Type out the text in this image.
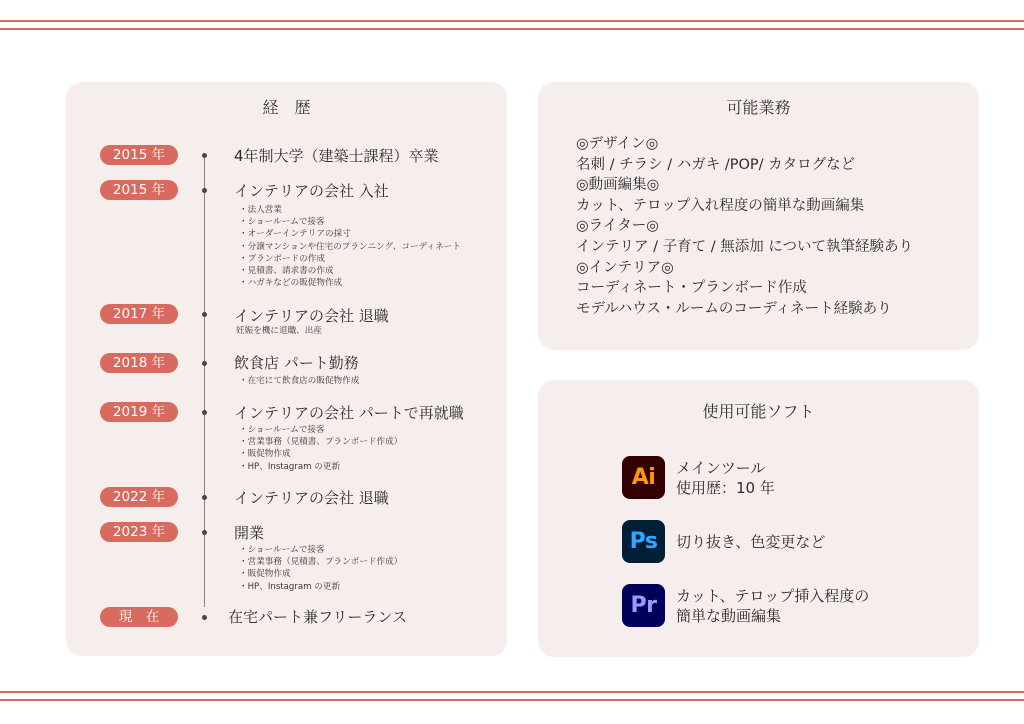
経　歴
2015 年	4年制大学（建築士課程）卒業
2015 年	インテリアの会社 入社
・法人営業
・ショールームで接客
・オーダーインテリアの採寸
・分譲マンションや住宅のプランニング、コーディネート
・プランボードの作成
・見積書、請求書の作成
・ハガキなどの販促物作成
2017 年	インテリアの会社 退職
妊娠を機に退職、出産
2018 年	飲食店 パート勤務
・在宅にて飲食店の販促物作成
2019 年	インテリアの会社 パートで再就職
・ショールームで接客
・営業事務（見積書、プランボード作成）
・販促物作成
・HP、Instagram の更新
2022 年	インテリアの会社 退職
2023 年	開業
・ショールームで接客
・営業事務（見積書、プランボード作成）
・販促物作成
・HP、Instagram の更新
現　在	在宅パート兼フリーランス
可能業務
◎デザイン◎
名刺 / チラシ / ハガキ /POP/ カタログなど
◎動画編集◎
カット、テロップ入れ程度の簡単な動画編集
◎ライター◎
インテリア / 子育て / 無添加 について執筆経験あり
◎インテリア◎
コーディネート・プランボード作成
モデルハウス・ルームのコーディネート経験あり
使用可能ソフト
Ai	メインツール
使用歴：10 年
Ps	切り抜き、色変更など
Pr	カット、テロップ挿入程度の
簡単な動画編集
